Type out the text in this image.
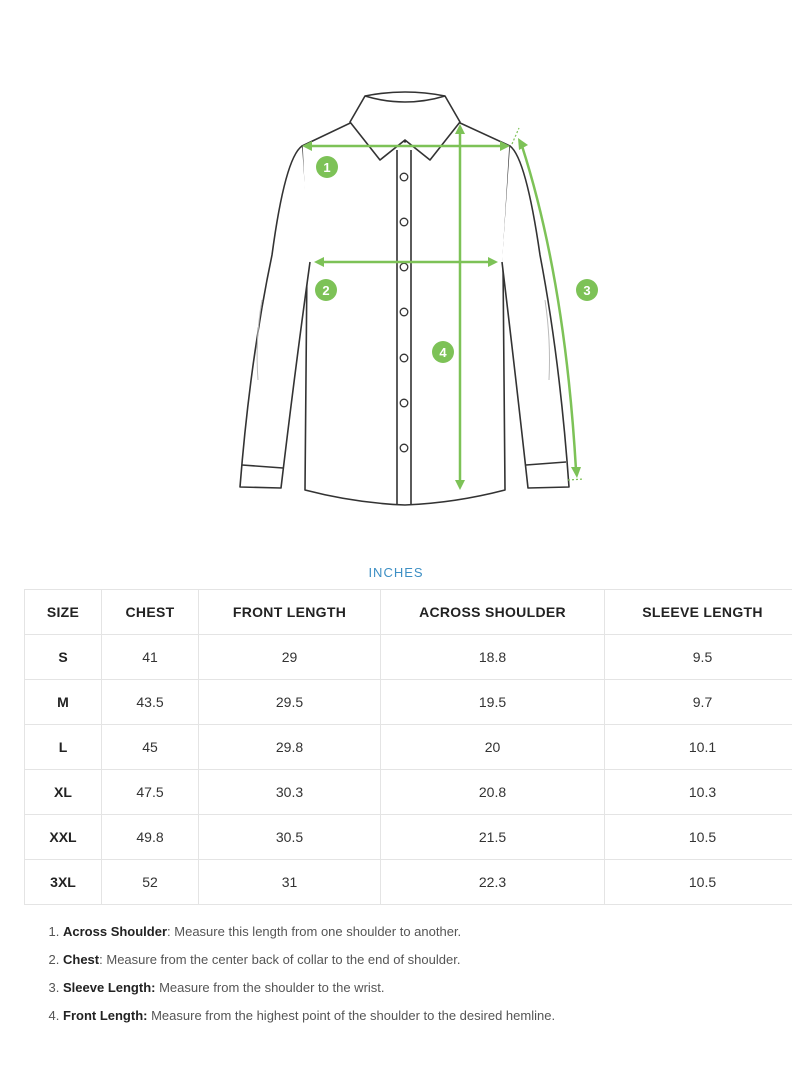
1
2	3
4
INCHES
SIZE	CHEST	FRONT LENGTH	ACROSS SHOULDER	SLEEVE LENGTH
S	41	29	18.8	9.5
M	43.5	29.5	19.5	9.7
L	45	29.8	20	10.1
XL	47.5	30.3	20.8	10.3
XXL	49.8	30.5	21.5	10.5
3XL	52	31	22.3	10.5
1. Across Shoulder: Measure this length from one shoulder to another.
2. Chest: Measure from the center back of collar to the end of shoulder.
3. Sleeve Length: Measure from the shoulder to the wrist.
4. Front Length: Measure from the highest point of the shoulder to the desired hemline.
